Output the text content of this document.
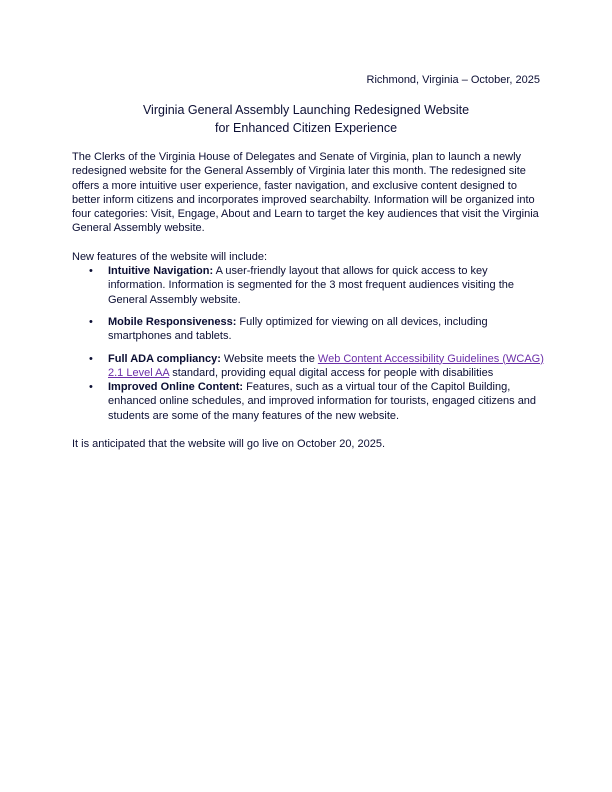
Richmond, Virginia – October, 2025
Virginia General Assembly Launching Redesigned Website
for Enhanced Citizen Experience

The Clerks of the Virginia House of Delegates and Senate of Virginia, plan to launch a newly redesigned website for the General Assembly of Virginia later this month. The redesigned site offers a more intuitive user experience, faster navigation, and exclusive content designed to better inform citizens and incorporates improved searchabilty. Information will be organized into four categories: Visit, Engage, About and Learn to target the key audiences that visit the Virginia General Assembly website.

New features of the website will include:

• Intuitive Navigation: A user-friendly layout that allows for quick access to key information. Information is segmented for the 3 most frequent audiences visiting the General Assembly website.
• Mobile Responsiveness: Fully optimized for viewing on all devices, including smartphones and tablets.
• Full ADA compliancy: Website meets the Web Content Accessibility Guidelines (WCAG) 2.1 Level AA standard, providing equal digital access for people with disabilities
• Improved Online Content: Features, such as a virtual tour of the Capitol Building, enhanced online schedules, and improved information for tourists, engaged citizens and students are some of the many features of the new website.

It is anticipated that the website will go live on October 20, 2025.
